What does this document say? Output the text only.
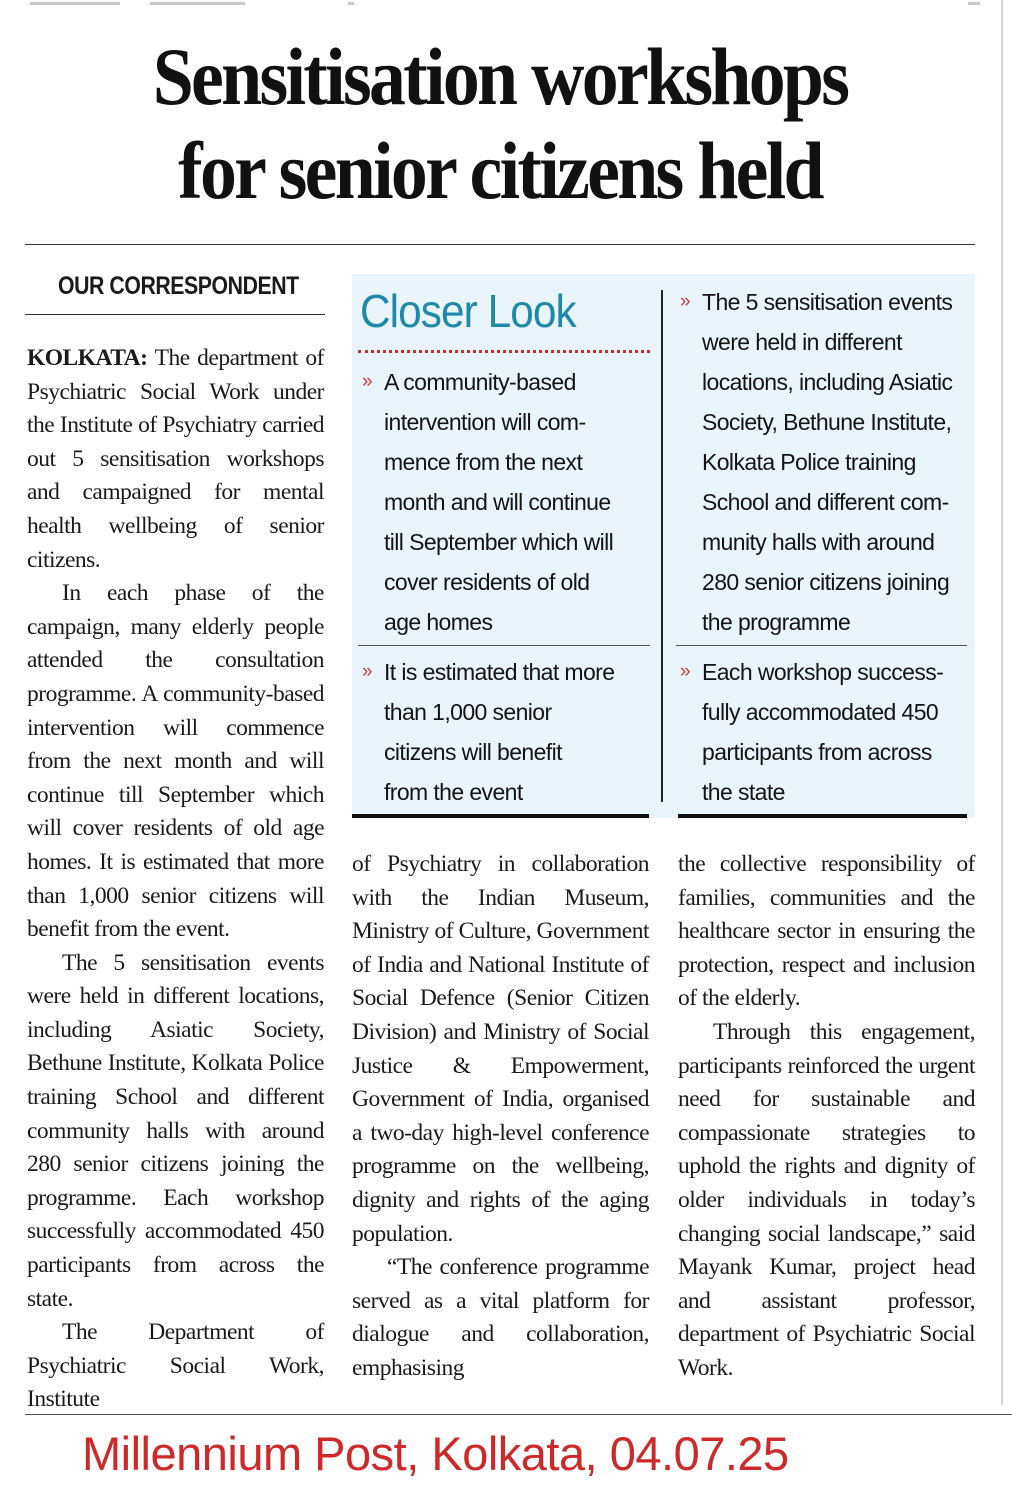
Sensitisation workshops
for senior citizens held
OUR CORRESPONDENT

KOLKATA: The department of Psychiatric Social Work under the Institute of Psychiatry carried out 5 sensitisation workshops and campaigned for mental health wellbeing of senior citizens.

In each phase of the campaign, many elderly people attended the consultation programme. A community-based intervention will commence from the next month and will continue till September which will cover residents of old age homes. It is estimated that more than 1,000 senior citizens will benefit from the event.

The 5 sensitisation events were held in different locations, including Asiatic Society, Bethune Institute, Kolkata Police training School and different community halls with around 280 senior citizens joining the programme. Each workshop successfully accommodated 450 participants from across the state.

The Department of Psychiatric Social Work, Institute

Closer Look
» A community-based
intervention will com-
mence from the next
month and will continue
till September which will
cover residents of old
age homes
» It is estimated that more
than 1,000 senior
citizens will benefit
from the event
» The 5 sensitisation events
were held in different
locations, including Asiatic
Society, Bethune Institute,
Kolkata Police training
School and different com-
munity halls with around
280 senior citizens joining
the programme
» Each workshop success-
fully accommodated 450
participants from across
the state

of Psychiatry in collaboration with the Indian Museum, Ministry of Culture, Government of India and National Institute of Social Defence (Senior Citizen Division) and Ministry of Social Justice & Empowerment, Government of India, organised a two-day high-level conference programme on the wellbeing, dignity and rights of the aging population.

“The conference programme served as a vital platform for dialogue and collaboration, emphasising

the collective responsibility of families, communities and the healthcare sector in ensuring the protection, respect and inclusion of the elderly.

Through this engagement, participants reinforced the urgent need for sustainable and compassionate strategies to uphold the rights and dignity of older individuals in today’s changing social landscape,” said Mayank Kumar, project head and assistant professor, department of Psychiatric Social Work.

Millennium Post, Kolkata, 04.07.25
